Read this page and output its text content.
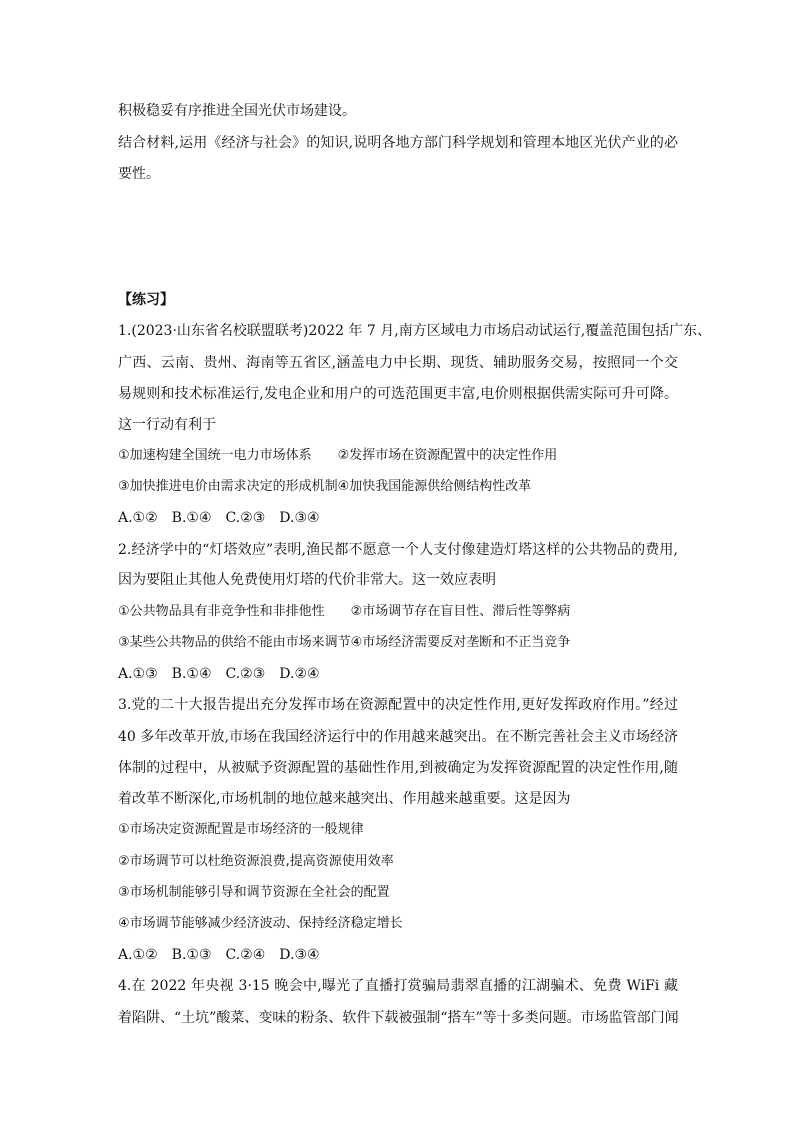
积极稳妥有序推进全国光伏市场建设。
结合材料,运用《经济与社会》的知识,说明各地方部门科学规划和管理本地区光伏产业的必
要性。
【练习】
1.(2023·山东省名校联盟联考)2022 年 7 月,南方区域电力市场启动试运行,覆盖范围包括广东、
广西、云南、贵州、海南等五省区,涵盖电力中长期、现货、辅助服务交易，按照同一个交
易规则和技术标准运行,发电企业和用户的可选范围更丰富,电价则根据供需实际可升可降。
这一行动有利于
①加速构建全国统一电力市场体系　　②发挥市场在资源配置中的决定性作用
③加快推进电价由需求决定的形成机制④加快我国能源供给侧结构性改革
A.①②　B.①④　C.②③　D.③④
2.经济学中的“灯塔效应”表明,渔民都不愿意一个人支付像建造灯塔这样的公共物品的费用,
因为要阻止其他人免费使用灯塔的代价非常大。这一效应表明
①公共物品具有非竞争性和非排他性　　②市场调节存在盲目性、滞后性等弊病
③某些公共物品的供给不能由市场来调节④市场经济需要反对垄断和不正当竞争
A.①③　B.①④　C.②③　D.②④
3.党的二十大报告提出充分发挥市场在资源配置中的决定性作用,更好发挥政府作用。”经过
40 多年改革开放,市场在我国经济运行中的作用越来越突出。在不断完善社会主义市场经济
体制的过程中，从被赋予资源配置的基础性作用,到被确定为发挥资源配置的决定性作用,随
着改革不断深化,市场机制的地位越来越突出、作用越来越重要。这是因为
①市场决定资源配置是市场经济的一般规律
②市场调节可以杜绝资源浪费,提高资源使用效率
③市场机制能够引导和调节资源在全社会的配置
④市场调节能够减少经济波动、保持经济稳定增长
A.①②　B.①③　C.②④　D.③④
4.在 2022 年央视 3·15 晚会中,曝光了直播打赏骗局翡翠直播的江湖骗术、免费 WiFi 藏
着陷阱、“土坑”酸菜、变味的粉条、软件下载被强制“搭车”等十多类问题。市场监管部门闻
